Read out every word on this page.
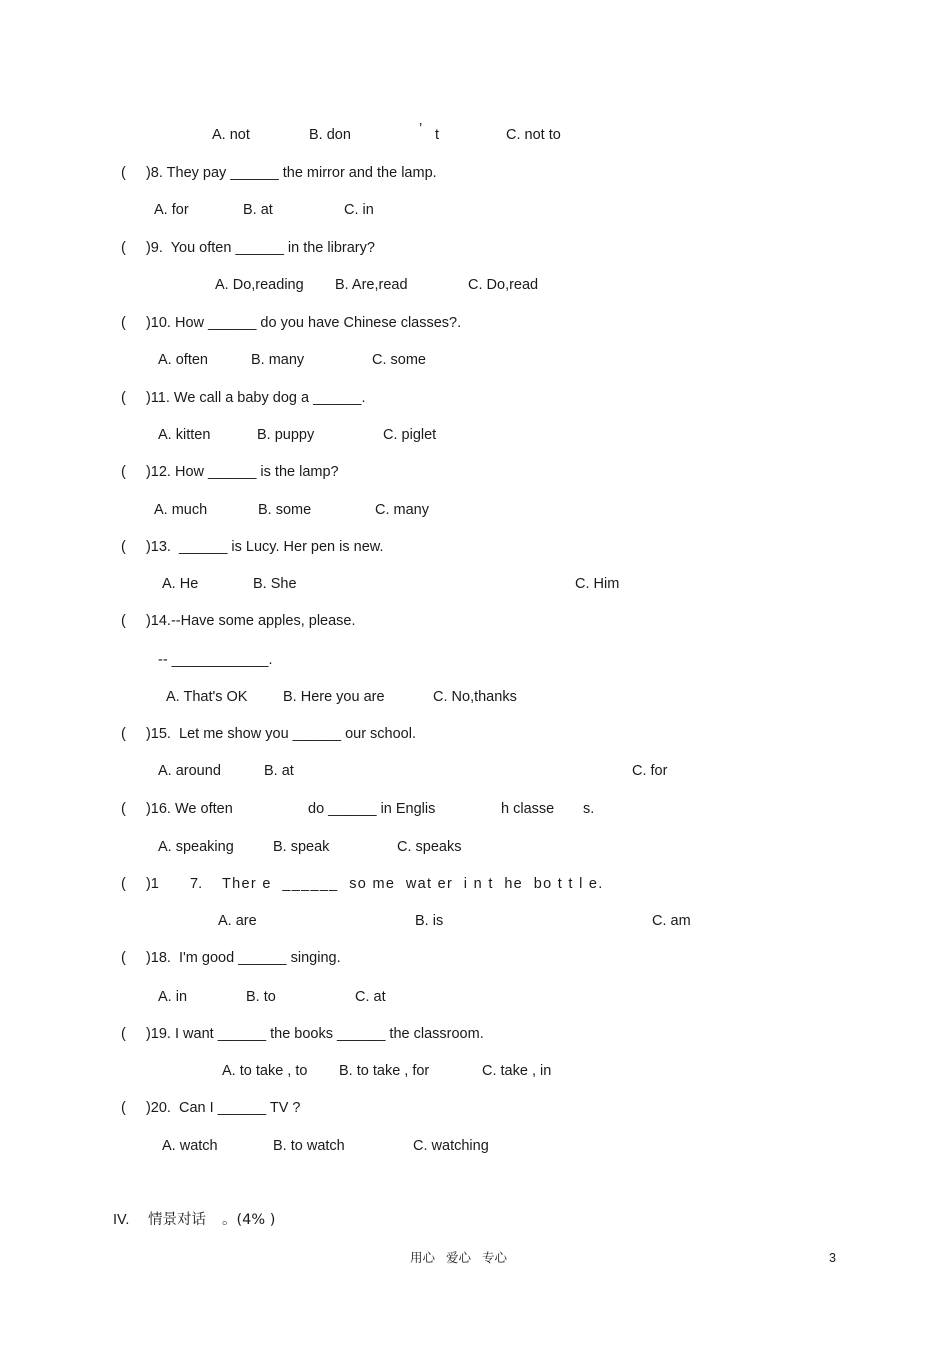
A. not	B. don	’ t	C. not to
(     )8. They pay ______ the mirror and the lamp.
A. for	B. at	C. in
(     )9.  You often ______ in the library?
A. Do,reading B. Are,read	C. Do,read
(     )10. How ______ do you have Chinese classes?.
A. often	B. many	C. some
(     )11. We call a baby dog a ______.
A. kitten	B. puppy	C. piglet
(     )12. How ______ is the lamp?
A. much	B. some	C. many
(     )13.  ______ is Lucy. Her pen is new.
A. He	B. She	C. Him
(     )14.--Have some apples, please.
-- ____________.
A. That's OK B. Here you are	C. No,thanks
(     )15.  Let me show you ______ our school.
A. around	B. at	C. for
(     )16. We often	do ______ in Englis	h classe s.
A. speaking	B. speak	C. speaks
(     )1 7. Ther e  ______  so me  wat er  i n t  he  bo t t l e.
A. are	B. is	C. am
(     )18.  I'm good ______ singing.
A. in	B. to	C. at
(     )19. I want ______ the books ______ the classroom.
A. to take , to B. to take , for	C. take , in
(     )20.  Can I ______ TV ?
A. watch	B. to watch	C. watching
IV. 情景对话 。(4% )
用心 爱心 专心	3
